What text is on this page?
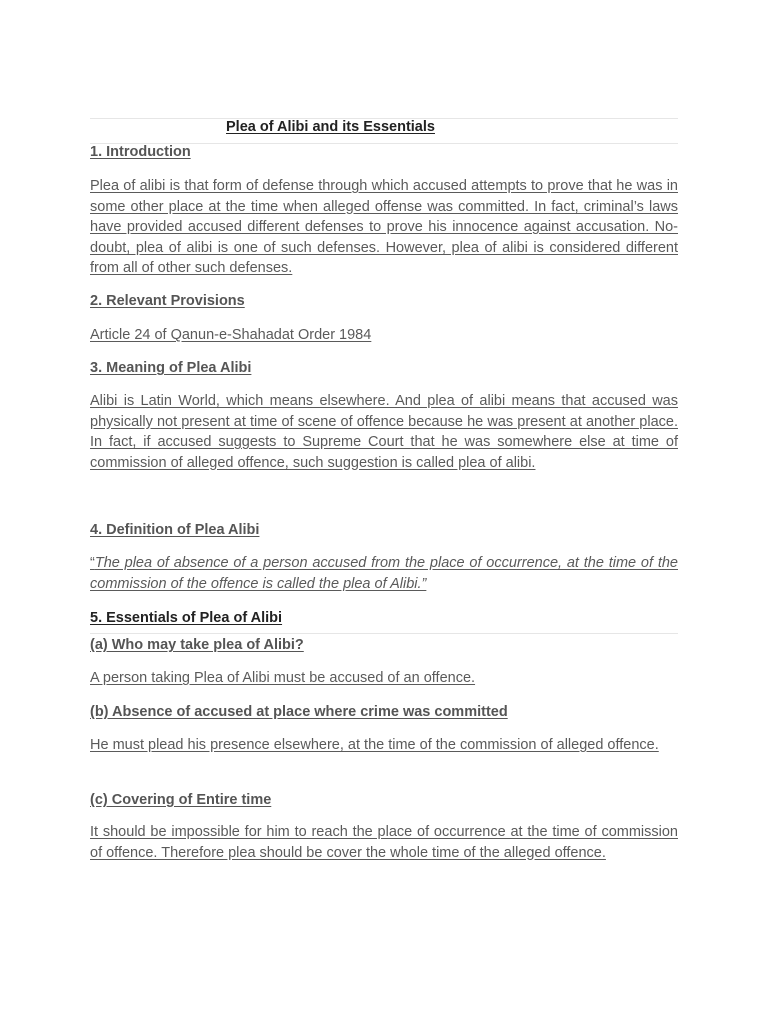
Plea of Alibi and its Essentials
1. Introduction
Plea of alibi is that form of defense through which accused attempts to prove that he was in some other place at the time when alleged offense was committed. In fact, criminal’s laws have provided accused different defenses to prove his innocence against accusation. No-doubt, plea of alibi is one of such defenses. However, plea of alibi is considered different from all of other such defenses.
2. Relevant Provisions
Article 24 of Qanun-e-Shahadat Order 1984
3. Meaning of Plea Alibi
Alibi is Latin World, which means elsewhere. And plea of alibi means that accused was physically not present at time of scene of offence because he was present at another place. In fact, if accused suggests to Supreme Court that he was somewhere else at time of commission of alleged offence, such suggestion is called plea of alibi.
4. Definition of Plea Alibi
“The plea of absence of a person accused from the place of occurrence, at the time of the commission of the offence is called the plea of Alibi.”
5. Essentials of Plea of Alibi
(a) Who may take plea of Alibi?
A person taking Plea of Alibi must be accused of an offence.
(b) Absence of accused at place where crime was committed
He must plead his presence elsewhere, at the time of the commission of alleged offence.
(c) Covering of Entire time
It should be impossible for him to reach the place of occurrence at the time of commission of offence. Therefore plea should be cover the whole time of the alleged offence.
